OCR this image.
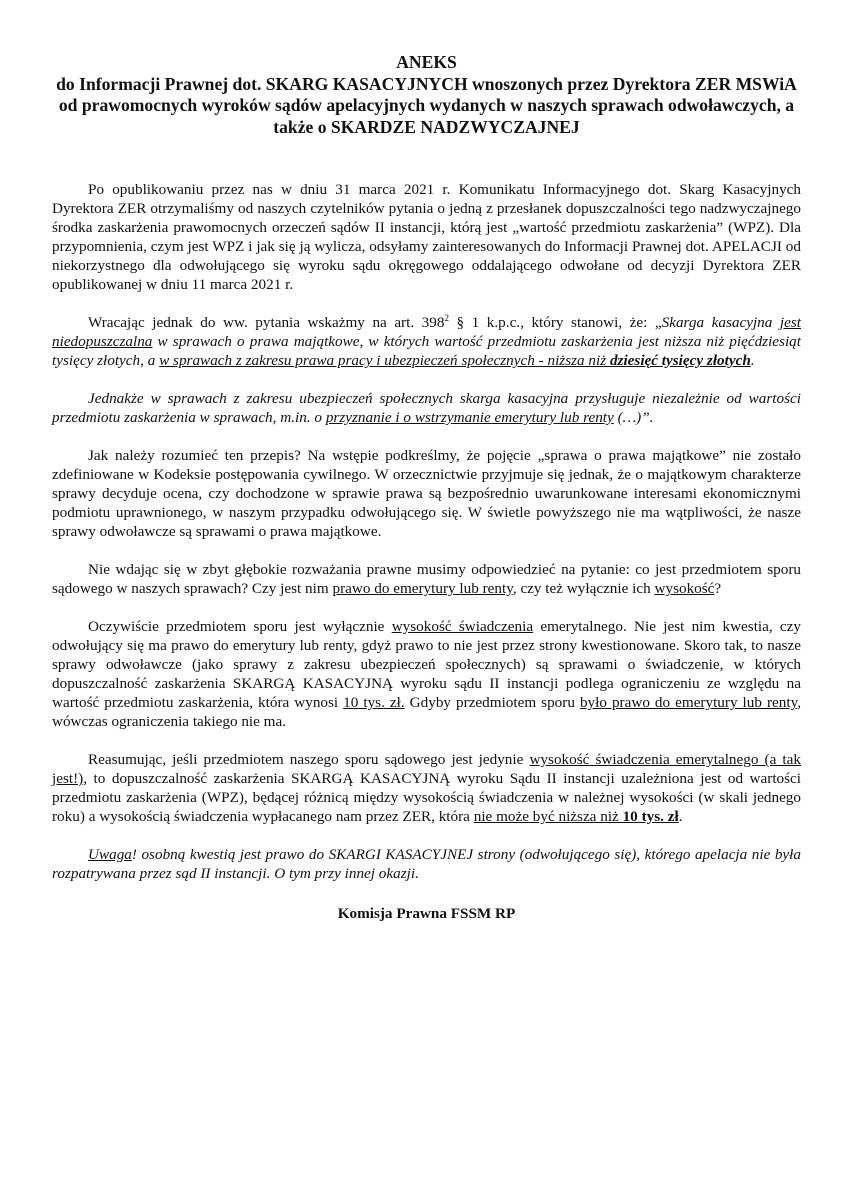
ANEKS
do Informacji Prawnej dot. SKARG KASACYJNYCH wnoszonych przez Dyrektora ZER MSWiA od prawomocnych wyroków sądów apelacyjnych wydanych w naszych sprawach odwoławczych, a także o SKARDZE NADZWYCZAJNEJ

Po opublikowaniu przez nas w dniu 31 marca 2021 r. Komunikatu Informacyjnego dot. Skarg Kasacyjnych Dyrektora ZER otrzymaliśmy od naszych czytelników pytania o jedną z przesłanek dopuszczalności tego nadzwyczajnego środka zaskarżenia prawomocnych orzeczeń sądów II instancji, którą jest „wartość przedmiotu zaskarżenia” (WPZ). Dla przypomnienia, czym jest WPZ i jak się ją wylicza, odsyłamy zainteresowanych do Informacji Prawnej dot. APELACJI od niekorzystnego dla odwołującego się wyroku sądu okręgowego oddalającego odwołane od decyzji Dyrektora ZER opublikowanej w dniu 11 marca 2021 r.

Wracając jednak do ww. pytania wskażmy na art. $398^2$ § 1 k.p.c., który stanowi, że: „Skarga kasacyjna jest niedopuszczalna w sprawach o prawa majątkowe, w których wartość przedmiotu zaskarżenia jest niższa niż pięćdziesiąt tysięcy złotych, a w sprawach z zakresu prawa pracy i ubezpieczeń społecznych - niższa niż dziesięć tysięcy złotych.

Jednakże w sprawach z zakresu ubezpieczeń społecznych skarga kasacyjna przysługuje niezależnie od wartości przedmiotu zaskarżenia w sprawach, m.in. o przyznanie i o wstrzymanie emerytury lub renty (…)”.

Jak należy rozumieć ten przepis? Na wstępie podkreślmy, że pojęcie „sprawa o prawa majątkowe” nie zostało zdefiniowane w Kodeksie postępowania cywilnego. W orzecznictwie przyjmuje się jednak, że o majątkowym charakterze sprawy decyduje ocena, czy dochodzone w sprawie prawa są bezpośrednio uwarunkowane interesami ekonomicznymi podmiotu uprawnionego, w naszym przypadku odwołującego się. W świetle powyższego nie ma wątpliwości, że nasze sprawy odwoławcze są sprawami o prawa majątkowe.

Nie wdając się w zbyt głębokie rozważania prawne musimy odpowiedzieć na pytanie: co jest przedmiotem sporu sądowego w naszych sprawach? Czy jest nim prawo do emerytury lub renty, czy też wyłącznie ich wysokość?

Oczywiście przedmiotem sporu jest wyłącznie wysokość świadczenia emerytalnego. Nie jest nim kwestia, czy odwołujący się ma prawo do emerytury lub renty, gdyż prawo to nie jest przez strony kwestionowane. Skoro tak, to nasze sprawy odwoławcze (jako sprawy z zakresu ubezpieczeń społecznych) są sprawami o świadczenie, w których dopuszczalność zaskarżenia SKARGĄ KASACYJNĄ wyroku sądu II instancji podlega ograniczeniu ze względu na wartość przedmiotu zaskarżenia, która wynosi 10 tys. zł. Gdyby przedmiotem sporu było prawo do emerytury lub renty, wówczas ograniczenia takiego nie ma.

Reasumując, jeśli przedmiotem naszego sporu sądowego jest jedynie wysokość świadczenia emerytalnego (a tak jest!), to dopuszczalność zaskarżenia SKARGĄ KASACYJNĄ wyroku Sądu II instancji uzależniona jest od wartości przedmiotu zaskarżenia (WPZ), będącej różnicą między wysokością świadczenia w należnej wysokości (w skali jednego roku) a wysokością świadczenia wypłacanego nam przez ZER, która nie może być niższa niż 10 tys. zł.

Uwaga! osobną kwestią jest prawo do SKARGI KASACYJNEJ strony (odwołującego się), którego apelacja nie była rozpatrywana przez sąd II instancji. O tym przy innej okazji.

Komisja Prawna FSSM RP
